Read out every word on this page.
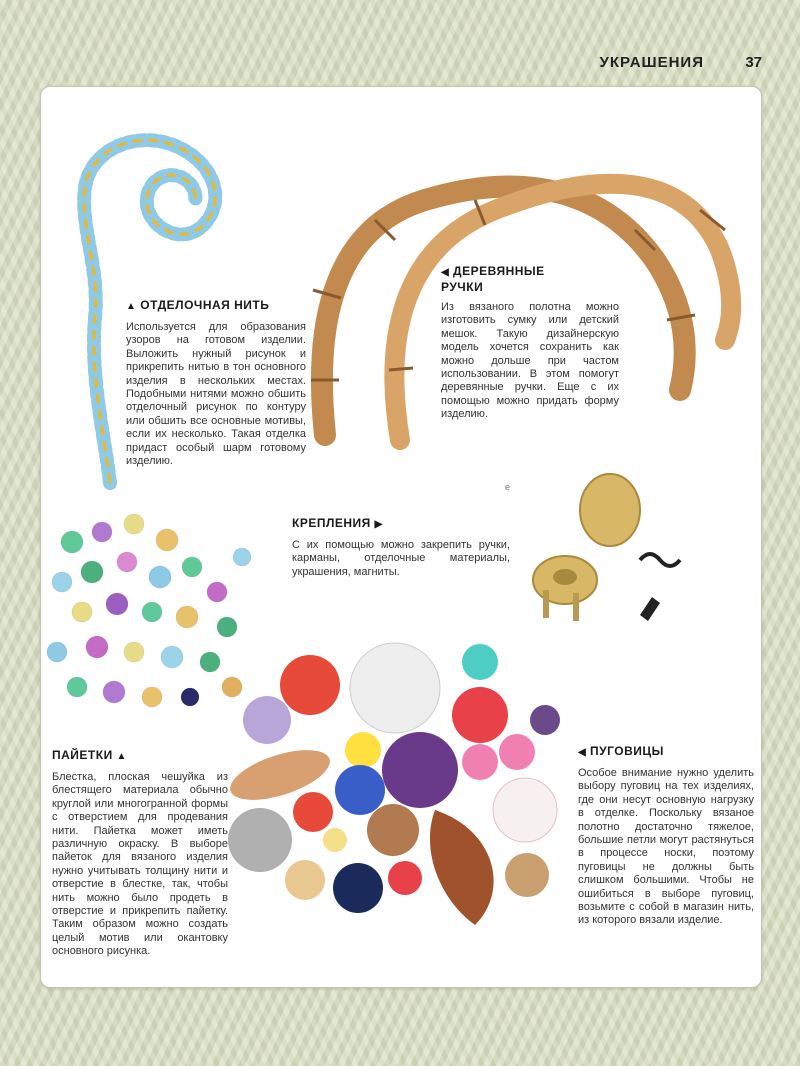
УКРАШЕНИЯ	37
e
▲ ОТДЕЛОЧНАЯ НИТЬ

Используется для образования узоров на готовом изделии. Выложить нужный рисунок и прикрепить нитью в тон основного изделия в нескольких местах. Подобными нитями можно обшить отделочный рисунок по контуру или обшить все основные мотивы, если их несколько. Такая отделка придаст особый шарм готовому изделию.

◀ ДЕРЕВЯННЫЕ
РУЧКИ

Из вязаного полотна можно изготовить сумку или детский мешок. Такую дизайнерскую модель хочется сохранить как можно дольше при частом использовании. В этом помогут деревянные ручки. Еще с их помощью можно придать форму изделию.

КРЕПЛЕНИЯ ▶

С их помощью можно закрепить ручки, карманы, отделочные материалы, украшения, магниты.

ПАЙЕТКИ ▲

Блестка, плоская чешуйка из блестящего материала обычно круглой или многогранной формы с отверстием для продевания нити. Пайетка может иметь различную окраску. В выборе пайеток для вязаного изделия нужно учитывать толщину нити и отверстие в блестке, так, чтобы нить можно было продеть в отверстие и прикрепить пайетку. Таким образом можно создать целый мотив или окантовку основного рисунка.

◀ ПУГОВИЦЫ

Особое внимание нужно уделить выбору пуговиц на тех изделиях, где они несут основную нагрузку в отделке. Поскольку вязаное полотно достаточно тяжелое, большие петли могут растянуться в процессе носки, поэтому пуговицы не должны быть слишком большими. Чтобы не ошибиться в выборе пуговиц, возьмите с собой в магазин нить, из которого вязали изделие.
